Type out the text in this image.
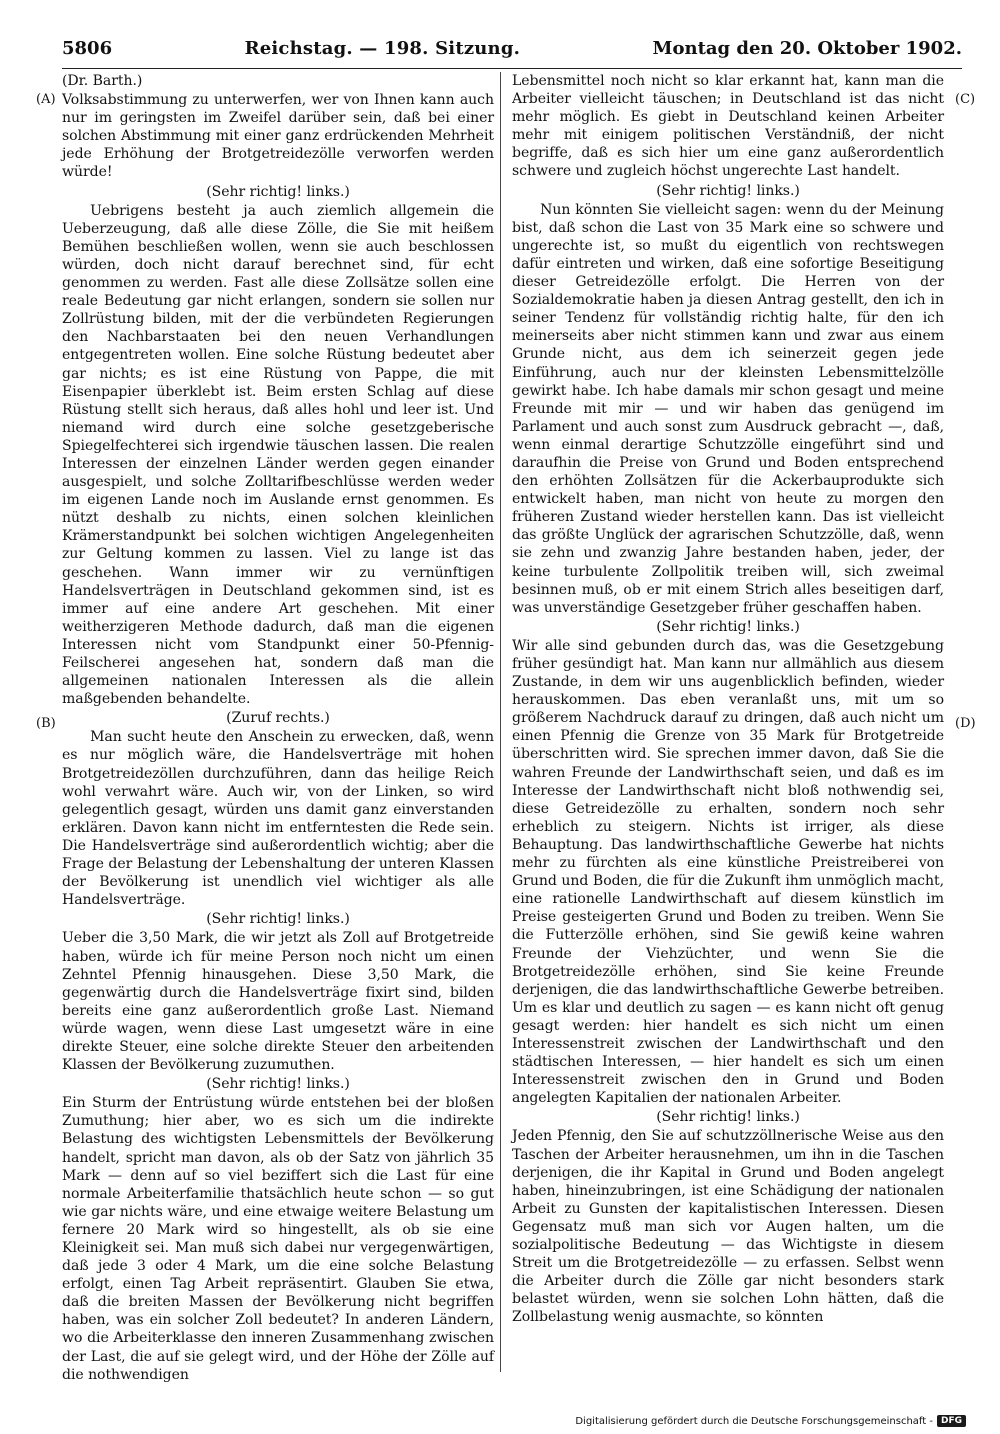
5806	Reichstag. — 198. Sitzung.	Montag den 20. Oktober 1902.
(A)
(B)
(C)
(D)

(Dr. Barth.)

Volksabstimmung zu unterwerfen, wer von Ihnen kann auch nur im geringsten im Zweifel darüber sein, daß bei einer solchen Abstimmung mit einer ganz erdrückenden Mehrheit jede Erhöhung der Brotgetreidezölle verworfen werden würde!

(Sehr richtig! links.)

Uebrigens besteht ja auch ziemlich allgemein die Ueberzeugung, daß alle diese Zölle, die Sie mit heißem Bemühen beschließen wollen, wenn sie auch beschlossen würden, doch nicht darauf berechnet sind, für echt genommen zu werden. Fast alle diese Zollsätze sollen eine reale Bedeutung gar nicht erlangen, sondern sie sollen nur Zollrüstung bilden, mit der die verbündeten Regierungen den Nachbarstaaten bei den neuen Verhandlungen entgegentreten wollen. Eine solche Rüstung bedeutet aber gar nichts; es ist eine Rüstung von Pappe, die mit Eisenpapier überklebt ist. Beim ersten Schlag auf diese Rüstung stellt sich heraus, daß alles hohl und leer ist. Und niemand wird durch eine solche gesetzgeberische Spiegelfechterei sich irgendwie täuschen lassen. Die realen Interessen der einzelnen Länder werden gegen einander ausgespielt, und solche Zolltarifbeschlüsse werden weder im eigenen Lande noch im Auslande ernst genommen. Es nützt deshalb zu nichts, einen solchen kleinlichen Krämerstandpunkt bei solchen wichtigen Angelegenheiten zur Geltung kommen zu lassen. Viel zu lange ist das geschehen. Wann immer wir zu vernünftigen Handelsverträgen in Deutschland gekommen sind, ist es immer auf eine andere Art geschehen. Mit einer weitherzigeren Methode dadurch, daß man die eigenen Interessen nicht vom Standpunkt einer 50-Pfennig-Feilscherei angesehen hat, sondern daß man die allgemeinen nationalen Interessen als die allein maßgebenden behandelte.

(Zuruf rechts.)

Man sucht heute den Anschein zu erwecken, daß, wenn es nur möglich wäre, die Handelsverträge mit hohen Brotgetreidezöllen durchzuführen, dann das heilige Reich wohl verwahrt wäre. Auch wir, von der Linken, so wird gelegentlich gesagt, würden uns damit ganz einverstanden erklären. Davon kann nicht im entferntesten die Rede sein. Die Handelsverträge sind außerordentlich wichtig; aber die Frage der Belastung der Lebenshaltung der unteren Klassen der Bevölkerung ist unendlich viel wichtiger als alle Handelsverträge.

(Sehr richtig! links.)

Ueber die 3,50 Mark, die wir jetzt als Zoll auf Brotgetreide haben, würde ich für meine Person noch nicht um einen Zehntel Pfennig hinausgehen. Diese 3,50 Mark, die gegenwärtig durch die Handelsverträge fixirt sind, bilden bereits eine ganz außerordentlich große Last. Niemand würde wagen, wenn diese Last umgesetzt wäre in eine direkte Steuer, eine solche direkte Steuer den arbeitenden Klassen der Bevölkerung zuzumuthen.

(Sehr richtig! links.)

Ein Sturm der Entrüstung würde entstehen bei der bloßen Zumuthung; hier aber, wo es sich um die indirekte Belastung des wichtigsten Lebensmittels der Bevölkerung handelt, spricht man davon, als ob der Satz von jährlich 35 Mark — denn auf so viel beziffert sich die Last für eine normale Arbeiterfamilie thatsächlich heute schon — so gut wie gar nichts wäre, und eine etwaige weitere Belastung um fernere 20 Mark wird so hingestellt, als ob sie eine Kleinigkeit sei. Man muß sich dabei nur vergegenwärtigen, daß jede 3 oder 4 Mark, um die eine solche Belastung erfolgt, einen Tag Arbeit repräsentirt. Glauben Sie etwa, daß die breiten Massen der Bevölkerung nicht begriffen haben, was ein solcher Zoll bedeutet? In anderen Ländern, wo die Arbeiterklasse den inneren Zusammenhang zwischen der Last, die auf sie gelegt wird, und der Höhe der Zölle auf die nothwendigen

Lebensmittel noch nicht so klar erkannt hat, kann man die Arbeiter vielleicht täuschen; in Deutschland ist das nicht mehr möglich. Es giebt in Deutschland keinen Arbeiter mehr mit einigem politischen Verständniß, der nicht begriffe, daß es sich hier um eine ganz außerordentlich schwere und zugleich höchst ungerechte Last handelt.

(Sehr richtig! links.)

Nun könnten Sie vielleicht sagen: wenn du der Meinung bist, daß schon die Last von 35 Mark eine so schwere und ungerechte ist, so mußt du eigentlich von rechtswegen dafür eintreten und wirken, daß eine sofortige Beseitigung dieser Getreidezölle erfolgt. Die Herren von der Sozialdemokratie haben ja diesen Antrag gestellt, den ich in seiner Tendenz für vollständig richtig halte, für den ich meinerseits aber nicht stimmen kann und zwar aus einem Grunde nicht, aus dem ich seinerzeit gegen jede Einführung, auch nur der kleinsten Lebensmittelzölle gewirkt habe. Ich habe damals mir schon gesagt und meine Freunde mit mir — und wir haben das genügend im Parlament und auch sonst zum Ausdruck gebracht —, daß, wenn einmal derartige Schutzzölle eingeführt sind und daraufhin die Preise von Grund und Boden entsprechend den erhöhten Zollsätzen für die Ackerbauprodukte sich entwickelt haben, man nicht von heute zu morgen den früheren Zustand wieder herstellen kann. Das ist vielleicht das größte Unglück der agrarischen Schutzzölle, daß, wenn sie zehn und zwanzig Jahre bestanden haben, jeder, der keine turbulente Zollpolitik treiben will, sich zweimal besinnen muß, ob er mit einem Strich alles beseitigen darf, was unverständige Gesetzgeber früher geschaffen haben.

(Sehr richtig! links.)

Wir alle sind gebunden durch das, was die Gesetzgebung früher gesündigt hat. Man kann nur allmählich aus diesem Zustande, in dem wir uns augenblicklich befinden, wieder herauskommen. Das eben veranlaßt uns, mit um so größerem Nachdruck darauf zu dringen, daß auch nicht um einen Pfennig die Grenze von 35 Mark für Brotgetreide überschritten wird. Sie sprechen immer davon, daß Sie die wahren Freunde der Landwirthschaft seien, und daß es im Interesse der Landwirthschaft nicht bloß nothwendig sei, diese Getreidezölle zu erhalten, sondern noch sehr erheblich zu steigern. Nichts ist irriger, als diese Behauptung. Das landwirthschaftliche Gewerbe hat nichts mehr zu fürchten als eine künstliche Preistreiberei von Grund und Boden, die für die Zukunft ihm unmöglich macht, eine rationelle Landwirthschaft auf diesem künstlich im Preise gesteigerten Grund und Boden zu treiben. Wenn Sie die Futterzölle erhöhen, sind Sie gewiß keine wahren Freunde der Viehzüchter, und wenn Sie die Brotgetreidezölle erhöhen, sind Sie keine Freunde derjenigen, die das landwirthschaftliche Gewerbe betreiben. Um es klar und deutlich zu sagen — es kann nicht oft genug gesagt werden: hier handelt es sich nicht um einen Interessenstreit zwischen der Landwirthschaft und den städtischen Interessen, — hier handelt es sich um einen Interessenstreit zwischen den in Grund und Boden angelegten Kapitalien der nationalen Arbeiter.

(Sehr richtig! links.)

Jeden Pfennig, den Sie auf schutzzöllnerische Weise aus den Taschen der Arbeiter herausnehmen, um ihn in die Taschen derjenigen, die ihr Kapital in Grund und Boden angelegt haben, hineinzubringen, ist eine Schädigung der nationalen Arbeit zu Gunsten der kapitalistischen Interessen. Diesen Gegensatz muß man sich vor Augen halten, um die sozialpolitische Bedeutung — das Wichtigste in diesem Streit um die Brotgetreidezölle — zu erfassen. Selbst wenn die Arbeiter durch die Zölle gar nicht besonders stark belastet würden, wenn sie solchen Lohn hätten, daß die Zollbelastung wenig ausmachte, so könnten

Digitalisierung gefördert durch die Deutsche Forschungsgemeinschaft - DFG
